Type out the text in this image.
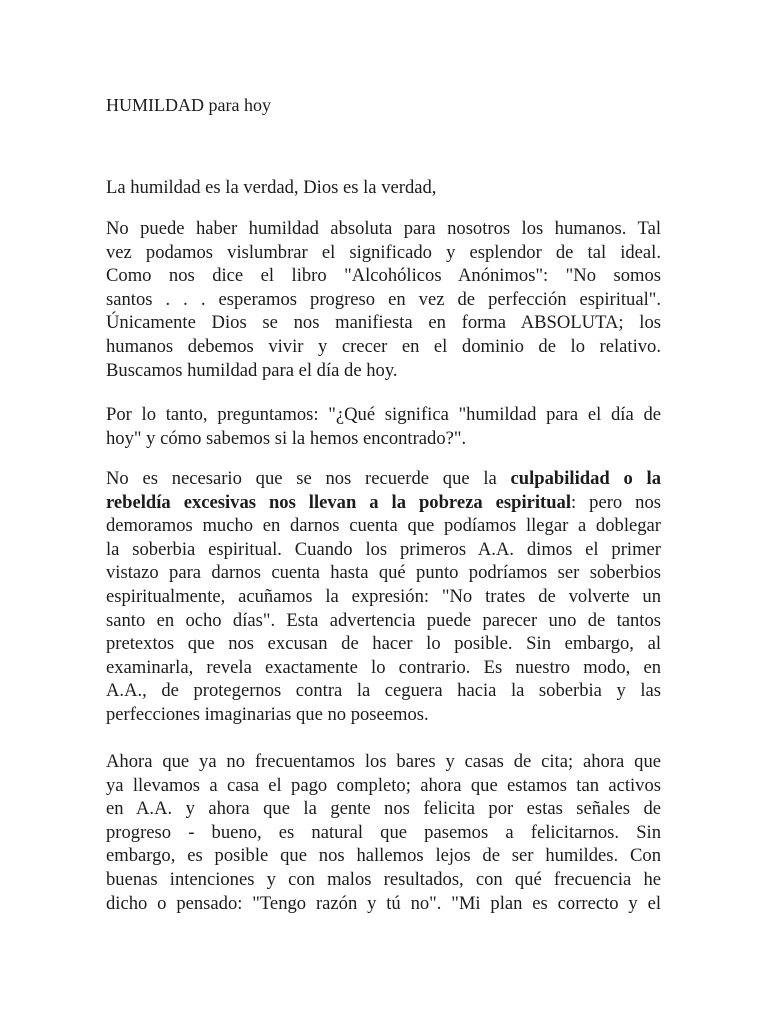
HUMILDAD para hoy

La humildad es la verdad, Dios es la verdad,

No puede haber humildad absoluta para nosotros los humanos. Tal
vez podamos vislumbrar el significado y esplendor de tal ideal.
Como nos dice el libro "Alcohólicos Anónimos": "No somos
santos . . . esperamos progreso en vez de perfección espiritual".
Únicamente Dios se nos manifiesta en forma ABSOLUTA; los
humanos debemos vivir y crecer en el dominio de lo relativo.
Buscamos humildad para el día de hoy.

Por lo tanto, preguntamos: "¿Qué significa "humildad para el día de
hoy" y cómo sabemos si la hemos encontrado?".

No es necesario que se nos recuerde que la culpabilidad o la
rebeldía excesivas nos llevan a la pobreza espiritual: pero nos
demoramos mucho en darnos cuenta que podíamos llegar a doblegar
la soberbia espiritual. Cuando los primeros A.A. dimos el primer
vistazo para darnos cuenta hasta qué punto podríamos ser soberbios
espiritualmente, acuñamos la expresión: "No trates de volverte un
santo en ocho días". Esta advertencia puede parecer uno de tantos
pretextos que nos excusan de hacer lo posible. Sin embargo, al
examinarla, revela exactamente lo contrario. Es nuestro modo, en
A.A., de protegernos contra la ceguera hacia la soberbia y las
perfecciones imaginarias que no poseemos.

Ahora que ya no frecuentamos los bares y casas de cita; ahora que
ya llevamos a casa el pago completo; ahora que estamos tan activos
en A.A. y ahora que la gente nos felicita por estas señales de
progreso - bueno, es natural que pasemos a felicitarnos. Sin
embargo, es posible que nos hallemos lejos de ser humildes. Con
buenas intenciones y con malos resultados, con qué frecuencia he
dicho o pensado: "Tengo razón y tú no". "Mi plan es correcto y el
